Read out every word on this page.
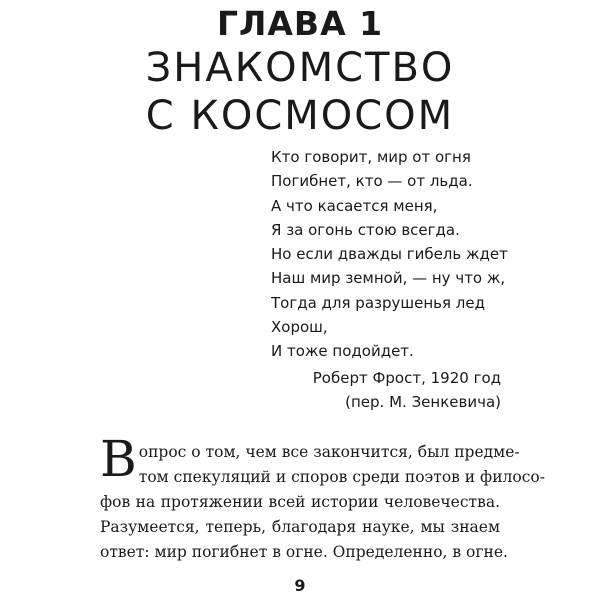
ГЛАВА 1
ЗНАКОМСТВО
С КОСМОСОМ
Кто говорит, мир от огня
Погибнет, кто — от льда.
А что касается меня,
Я за огонь стою всегда.
Но если дважды гибель ждет
Наш мир земной, — ну что ж,
Тогда для разрушенья лед
Хорош,
И тоже подойдет.
Роберт Фрост, 1920 год
(пер. М. Зенкевича)
В опрос о том, чем все закончится, был предме-
том спекуляций и споров среди поэтов и филосо-
фов на протяжении всей истории человечества.
Разумеется, теперь, благодаря науке, мы знаем
ответ: мир погибнет в огне. Определенно, в огне.
9
